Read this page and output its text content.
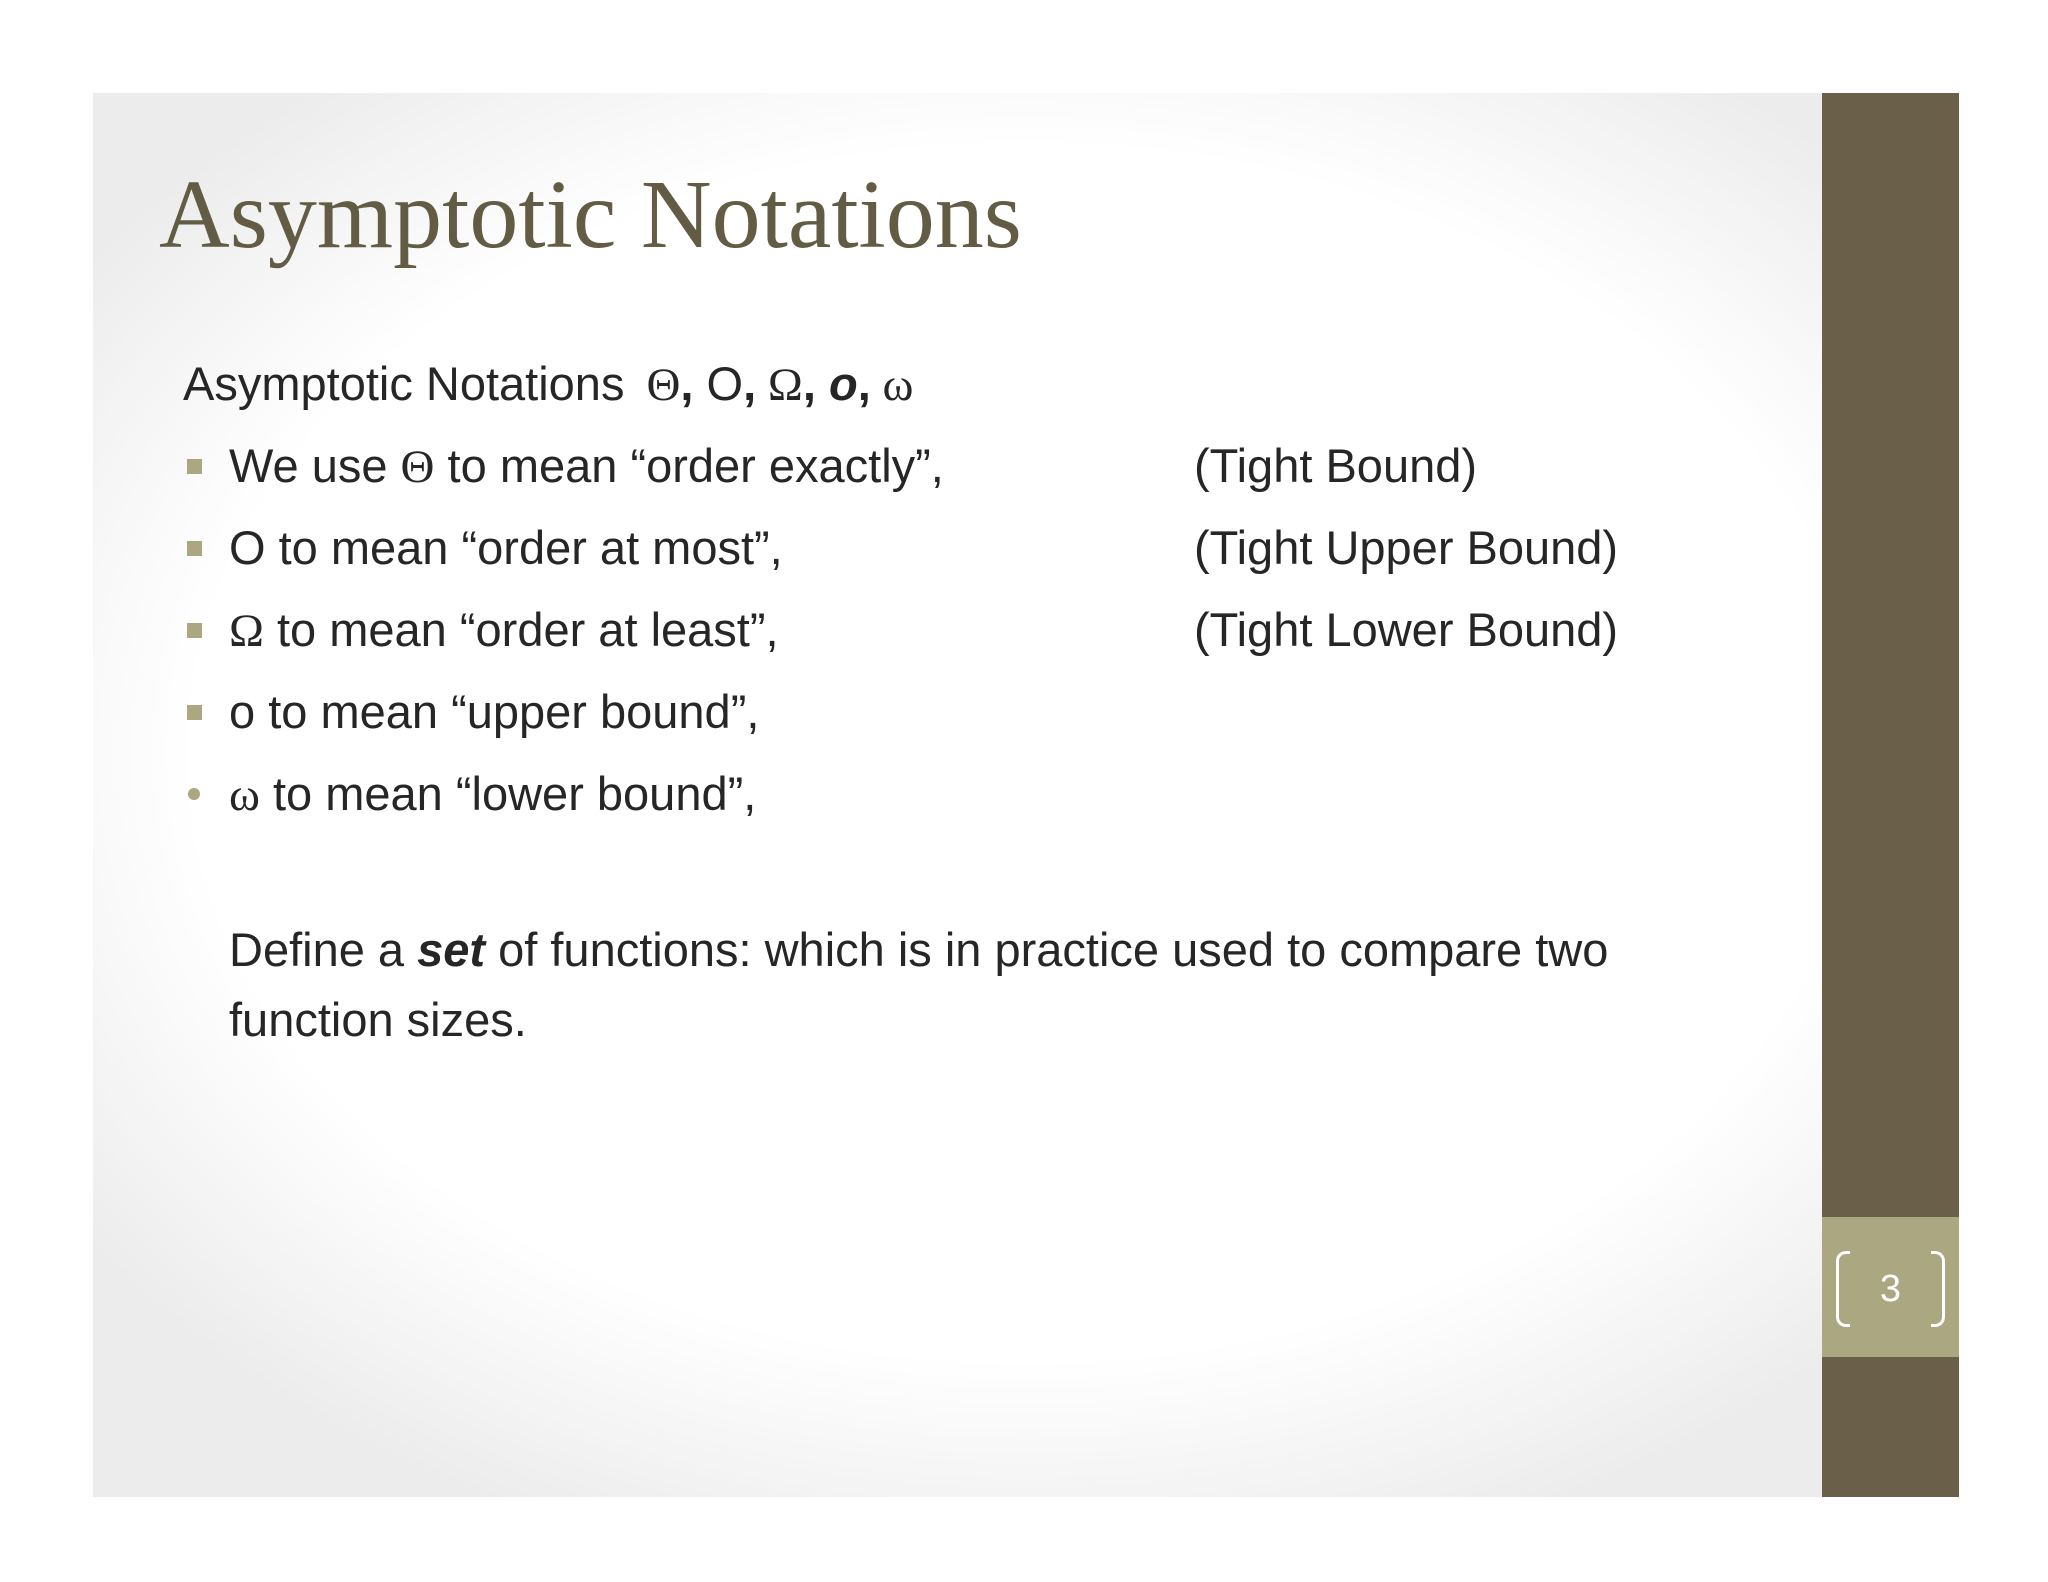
Asymptotic Notations
Asymptotic Notations Θ, O, Ω, o, ω
We use Θ to mean “order exactly”,	(Tight Bound)
O to mean “order at most”,	(Tight Upper Bound)
Ω to mean “order at least”,	(Tight Lower Bound)
o to mean “upper bound”,
ω to mean “lower bound”,

Define a set of functions: which is in practice used to compare two function sizes.

3
